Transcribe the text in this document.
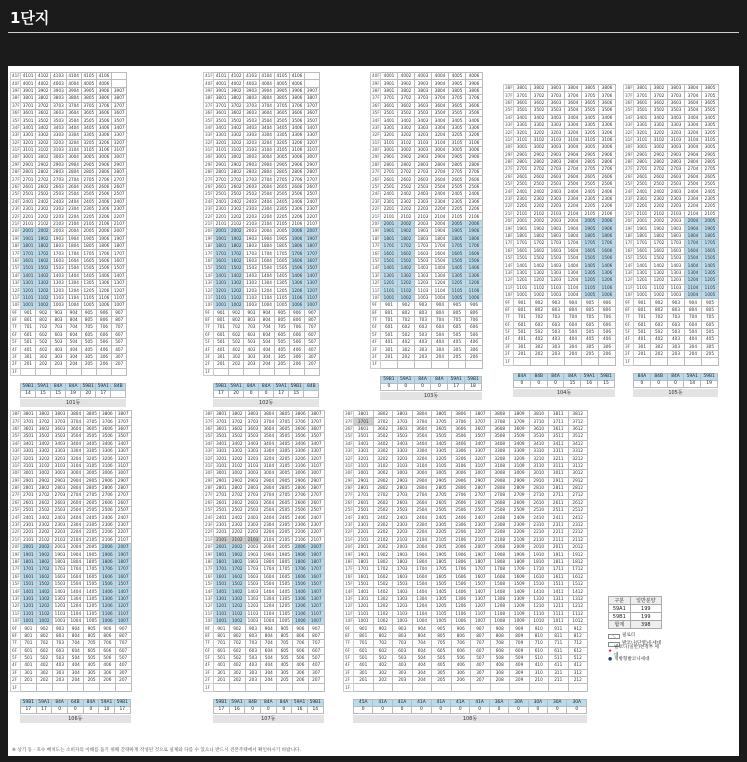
1단지
41F	4101	4102	4103	4104	4105	4106	
40F	4001	4002	4003	4004	4005	4006	
39F	3901	3902	3903	3904	3905	3906	3907
38F	3801	3802	3803	3804	3805	3806	3807
37F	3701	3702	3703	3704	3705	3706	3707
36F	3601	3602	3603	3604	3605	3606	3607
35F	3501	3502	3503	3504	3505	3506	3507
34F	3401	3402	3403	3404	3405	3406	3407
33F	3301	3302	3303	3304	3305	3306	3307
32F	3201	3202	3203	3204	3205	3206	3207
31F	3101	3102	3103	3104	3105	3106	3107
30F	3001	3002	3003	3004	3005	3006	3007
29F	2901	2902	2903	2904	2905	2906	2907
28F	2801	2802	2803	2804	2805	2806	2807
27F	2701	2702	2703	2704	2705	2706	2707
26F	2601	2602	2603	2604	2605	2606	2607
25F	2501	2502	2503	2504	2505	2506	2507
24F	2401	2402	2403	2404	2405	2406	2407
23F	2301	2302	2303	2304	2305	2306	2307
22F	2201	2202	2203	2204	2205	2206	2207
21F	2101	2102	2103	2104	2105	2106	2107
20F	2001	2002	2003	2004	2005	2006	2007
19F	1901	1902	1903	1904	1905	1906	1907
18F	1801	1802	1803	1804	1805	1806	1807
17F	1701	1702	1703	1704	1705	1706	1707
16F	1601	1602	1603	1604	1605	1606	1607
15F	1501	1502	1503	1504	1505	1506	1507
14F	1401	1402	1403	1404	1405	1406	1407
13F	1301	1302	1303	1304	1305	1306	1307
12F	1201	1202	1203	1204	1205	1206	1207
11F	1101	1102	1103	1104	1105	1106	1107
10F	1001	1002	1003	1004	1005	1006	1007
9F	901	902	903	904	905	906	907
8F	801	802	803	804	805	806	807
7F	701	702	703	704	705	706	707
6F	601	602	603	604	605	606	607
5F	501	502	503	504	505	506	507
4F	401	402	403	404	405	406	407
3F	301	302	303	304	305	306	307
2F	201	202	203	204	205	206	207
1F							
59B1	59A1	84A	84A	59B1	59A1	84B
14	15	15	19	20	17	
101동
41F	4101	4102	4103	4104	4105	4106	
40F	4001	4002	4003	4004	4005	4006	
39F	3901	3902	3903	3904	3905	3906	3907
38F	3801	3802	3803	3804	3805	3806	3807
37F	3701	3702	3703	3704	3705	3706	3707
36F	3601	3602	3603	3604	3605	3606	3607
35F	3501	3502	3503	3504	3505	3506	3507
34F	3401	3402	3403	3404	3405	3406	3407
33F	3301	3302	3303	3304	3305	3306	3307
32F	3201	3202	3203	3204	3205	3206	3207
31F	3101	3102	3103	3104	3105	3106	3107
30F	3001	3002	3003	3004	3005	3006	3007
29F	2901	2902	2903	2904	2905	2906	2907
28F	2801	2802	2803	2804	2805	2806	2807
27F	2701	2702	2703	2704	2705	2706	2707
26F	2601	2602	2603	2604	2605	2606	2607
25F	2501	2502	2503	2504	2505	2506	2507
24F	2401	2402	2403	2404	2405	2406	2407
23F	2301	2302	2303	2304	2305	2306	2307
22F	2201	2202	2203	2204	2205	2206	2207
21F	2101	2102	2103	2104	2105	2106	2107
20F	2001	2002	2003	2004	2005	2006	2007
19F	1901	1902	1903	1904	1905	1906	1907
18F	1801	1802	1803	1804	1805	1806	1807
17F	1701	1702	1703	1704	1705	1706	1707
16F	1601	1602	1603	1604	1605	1606	1607
15F	1501	1502	1503	1504	1505	1506	1507
14F	1401	1402	1403	1404	1405	1406	1407
13F	1301	1302	1303	1304	1305	1306	1307
12F	1201	1202	1203	1204	1205	1206	1207
11F	1101	1102	1103	1104	1105	1106	1107
10F	1001	1002	1003	1004	1005	1006	1007
9F	901	902	903	904	905	906	907
8F	801	802	803	804	805	806	807
7F	701	702	703	704	705	706	707
6F	601	602	603	604	605	606	607
5F	501	502	503	504	505	506	507
4F	401	402	403	404	405	406	407
3F	301	302	303	304	305	306	307
2F	201	202	203	204	205	206	207
1F							
59B1	59A1	84A	84A	59A1	59B1	84B
17	20	0	0	17	15	
102동
40F	4001	4002	4003	4004	4005	4006
39F	3901	3902	3903	3904	3905	3906
38F	3801	3802	3803	3804	3805	3806
37F	3701	3702	3703	3704	3705	3706
36F	3601	3602	3603	3604	3605	3606
35F	3501	3502	3503	3504	3505	3506
34F	3401	3402	3403	3404	3405	3406
33F	3301	3302	3303	3304	3305	3306
32F	3201	3202	3203	3204	3205	3206
31F	3101	3102	3103	3104	3105	3106
30F	3001	3002	3003	3004	3005	3006
29F	2901	2902	2903	2904	2905	2906
28F	2801	2802	2803	2804	2805	2806
27F	2701	2702	2703	2704	2705	2706
26F	2601	2602	2603	2604	2605	2606
25F	2501	2502	2503	2504	2505	2506
24F	2401	2402	2403	2404	2405	2406
23F	2301	2302	2303	2304	2305	2306
22F	2201	2202	2203	2204	2205	2206
21F	2101	2102	2103	2104	2105	2106
20F	2001	2002	2003	2004	2005	2006
19F	1901	1902	1903	1904	1905	1906
18F	1801	1802	1803	1804	1805	1806
17F	1701	1702	1703	1704	1705	1706
16F	1601	1602	1603	1604	1605	1606
15F	1501	1502	1503	1504	1505	1506
14F	1401	1402	1403	1404	1405	1406
13F	1301	1302	1303	1304	1305	1306
12F	1201	1202	1203	1204	1205	1206
11F	1101	1102	1103	1104	1105	1106
10F	1001	1002	1003	1004	1005	1006
9F	901	902	903	904	905	906
8F	801	802	803	804	805	806
7F	701	702	703	704	705	706
6F	601	602	603	604	605	606
5F	501	502	503	504	505	506
4F	401	402	403	404	405	406
3F	301	302	303	304	305	306
2F	201	202	203	204	205	206
1F						
59B1	59A1	84A	84A	59A1	59B1
0	0	0	0	17	18
103동
38F	3801	3802	3803	3804	3805	3806
37F	3701	3702	3703	3704	3705	3706
36F	3601	3602	3603	3604	3605	3606
35F	3501	3502	3503	3504	3505	3506
34F	3401	3402	3403	3404	3405	3406
33F	3301	3302	3303	3304	3305	3306
32F	3201	3202	3203	3204	3205	3206
31F	3101	3102	3103	3104	3105	3106
30F	3001	3002	3003	3004	3005	3006
29F	2901	2902	2903	2904	2905	2906
28F	2801	2802	2803	2804	2805	2806
27F	2701	2702	2703	2704	2705	2706
26F	2601	2602	2603	2604	2605	2606
25F	2501	2502	2503	2504	2505	2506
24F	2401	2402	2403	2404	2405	2406
23F	2301	2302	2303	2304	2305	2306
22F	2201	2202	2203	2204	2205	2206
21F	2101	2102	2103	2104	2105	2106
20F	2001	2002	2003	2004	2005	2006
19F	1901	1902	1903	1904	1905	1906
18F	1801	1802	1803	1804	1805	1806
17F	1701	1702	1703	1704	1705	1706
16F	1601	1602	1603	1604	1605	1606
15F	1501	1502	1503	1504	1505	1506
14F	1401	1402	1403	1404	1405	1406
13F	1301	1302	1303	1304	1305	1306
12F	1201	1202	1203	1204	1205	1206
11F	1101	1102	1103	1104	1105	1106
10F	1001	1002	1003	1004	1005	1006
9F	901	902	903	904	905	906
8F	801	802	803	804	805	806
7F	701	702	703	704	705	706
6F	601	602	603	604	605	606
5F	501	502	503	504	505	506
4F	401	402	403	404	405	406
3F	301	302	303	304	305	306
2F	201	202	203	204	205	206
1F						
84A	84B	84A	84A	59A1	59B1
0	0	0	15	16	15
104동
38F	3801	3802	3803	3804	3805
37F	3701	3702	3703	3704	3705
36F	3601	3602	3603	3604	3605
35F	3501	3502	3503	3504	3505
34F	3401	3402	3403	3404	3405
33F	3301	3302	3303	3304	3305
32F	3201	3202	3203	3204	3205
31F	3101	3102	3103	3104	3105
30F	3001	3002	3003	3004	3005
29F	2901	2902	2903	2904	2905
28F	2801	2802	2803	2804	2805
27F	2701	2702	2703	2704	2705
26F	2601	2602	2603	2604	2605
25F	2501	2502	2503	2504	2505
24F	2401	2402	2403	2404	2405
23F	2301	2302	2303	2304	2305
22F	2201	2202	2203	2204	2205
21F	2101	2102	2103	2104	2105
20F	2001	2002	2003	2004	2005
19F	1901	1902	1903	1904	1905
18F	1801	1802	1803	1804	1805
17F	1701	1702	1703	1704	1705
16F	1601	1602	1603	1604	1605
15F	1501	1502	1503	1504	1505
14F	1401	1402	1403	1404	1405
13F	1301	1302	1303	1304	1305
12F	1201	1202	1203	1204	1205
11F	1101	1102	1103	1104	1105
10F	1001	1002	1003	1004	1005
9F	901	902	903	904	905
8F	801	802	803	804	805
7F	701	702	703	704	705
6F	601	602	603	604	605
5F	501	502	503	504	505
4F	401	402	403	404	405
3F	301	302	303	304	305
2F	201	202	203	204	205
1F					
84A	84B	84A	59A1	59B1
0	0	0	14	19
105동
38F	3801	3802	3803	3804	3805	3806	3807
37F	3701	3702	3703	3704	3705	3706	3707
36F	3601	3602	3603	3604	3605	3606	3607
35F	3501	3502	3503	3504	3505	3506	3507
34F	3401	3402	3403	3404	3405	3406	3407
33F	3301	3302	3303	3304	3305	3306	3307
32F	3201	3202	3203	3204	3205	3206	3207
31F	3101	3102	3103	3104	3105	3106	3107
30F	3001	3002	3003	3004	3005	3006	3007
29F	2901	2902	2903	2904	2905	2906	2907
28F	2801	2802	2803	2804	2805	2806	2807
27F	2701	2702	2703	2704	2705	2706	2707
26F	2601	2602	2603	2604	2605	2606	2607
25F	2501	2502	2503	2504	2505	2506	2507
24F	2401	2402	2403	2404	2405	2406	2407
23F	2301	2302	2303	2304	2305	2306	2307
22F	2201	2202	2203	2204	2205	2206	2207
21F	2101	2102	2103	2104	2105	2106	2107
20F	2001	2002	2003	2004	2005	2006	2007
19F	1901	1902	1903	1904	1905	1906	1907
18F	1801	1802	1803	1804	1805	1806	1807
17F	1701	1702	1703	1704	1705	1706	1707
16F	1601	1602	1603	1604	1605	1606	1607
15F	1501	1502	1503	1504	1505	1506	1507
14F	1401	1402	1403	1404	1405	1406	1407
13F	1301	1302	1303	1304	1305	1306	1307
12F	1201	1202	1203	1204	1205	1206	1207
11F	1101	1102	1103	1104	1105	1106	1107
10F	1001	1002	1003	1004	1005	1006	1007
9F	901	902	903	904	905	906	907
8F	801	802	803	804	805	806	807
7F	701	702	703	704	705	706	707
6F	601	602	603	604	605	606	607
5F	501	502	503	504	505	506	507
4F	401	402	403	404	405	406	407
3F	301	302	303	304	305	306	307
2F	201	202	203	204	205	206	207
1F							
59B1	59A1	84A	64B	84A	59A1	59B1
17	17	0	0	0	10	17
106동
38F	3801	3802	3803	3804	3805	3806	3807
37F	3701	3702	3703	3704	3705	3706	3707
36F	3601	3602	3603	3604	3605	3606	3607
35F	3501	3502	3503	3504	3505	3506	3507
34F	3401	3402	3403	3404	3405	3406	3407
33F	3301	3302	3303	3304	3305	3306	3307
32F	3201	3202	3203	3204	3205	3206	3207
31F	3101	3102	3103	3104	3105	3106	3107
30F	3001	3002	3003	3004	3005	3006	3007
29F	2901	2902	2903	2904	2905	2906	2907
28F	2801	2802	2803	2804	2805	2806	2807
27F	2701	2702	2703	2704	2705	2706	2707
26F	2601	2602	2603	2604	2605	2606	2607
25F	2501	2502	2503	2504	2505	2506	2507
24F	2401	2402	2403	2404	2405	2406	2407
23F	2301	2302	2303	2304	2305	2306	2307
22F	2201	2202	2203	2204	2205	2206	2207
21F	2101	2102	2103	2104	2105	2106	2107
20F	2001	2002	2003	2004	2005	2006	2007
19F	1901	1902	1903	1904	1905	1906	1907
18F	1801	1802	1803	1804	1805	1806	1807
17F	1701	1702	1703	1704	1705	1706	1707
16F	1601	1602	1603	1604	1605	1606	1607
15F	1501	1502	1503	1504	1505	1506	1507
14F	1401	1402	1403	1404	1405	1406	1407
13F	1301	1302	1303	1304	1305	1306	1307
12F	1201	1202	1203	1204	1205	1206	1207
11F	1101	1102	1103	1104	1105	1106	1107
10F	1001	1002	1003	1004	1005	1006	1007
9F	901	902	903	904	905	906	907
8F	801	802	803	804	805	806	807
7F	701	702	703	704	705	706	707
6F	601	602	603	604	605	606	607
5F	501	502	503	504	505	506	507
4F	401	402	403	404	405	406	407
3F	301	302	303	304	305	306	307
2F	201	202	203	204	205	206	207
1F							
59B1	59A1	84B	84A	84A	59A1	59B1
17	16	0	0	0	16	14
107동
38F	3801	3802	3803	3804	3805	3806	3807	3808	3809	3810	3811	3812
37F	3701	3702	3703	3704	3705	3706	3707	3708	3709	3710	3711	3712
36F	3601	3602	3603	3604	3605	3606	3607	3608	3609	3610	3611	3612
35F	3501	3502	3503	3504	3505	3506	3507	3508	3509	3510	3511	3512
34F	3401	3402	3403	3404	3405	3406	3407	3408	3409	3410	3411	3412
33F	3301	3302	3303	3304	3305	3306	3307	3308	3309	3310	3311	3312
32F	3201	3202	3203	3204	3205	3206	3207	3208	3209	3210	3211	3212
31F	3101	3102	3103	3104	3105	3106	3107	3108	3109	3110	3111	3112
30F	3001	3002	3003	3004	3005	3006	3007	3008	3009	3010	3011	3012
29F	2901	2902	2903	2904	2905	2906	2907	2908	2909	2910	2911	2912
28F	2801	2802	2803	2804	2805	2806	2807	2808	2809	2810	2811	2812
27F	2701	2702	2703	2704	2705	2706	2707	2708	2709	2710	2711	2712
26F	2601	2602	2603	2604	2605	2606	2607	2608	2609	2610	2611	2612
25F	2501	2502	2503	2504	2505	2506	2507	2508	2509	2510	2511	2512
24F	2401	2402	2403	2404	2405	2406	2407	2408	2409	2410	2411	2412
23F	2301	2302	2303	2304	2305	2306	2307	2308	2309	2310	2311	2312
22F	2201	2202	2203	2204	2205	2206	2207	2208	2209	2210	2211	2212
21F	2101	2102	2103	2104	2105	2106	2107	2108	2109	2110	2111	2112
20F	2001	2002	2003	2004	2005	2006	2007	2008	2009	2010	2011	2012
19F	1901	1902	1903	1904	1905	1906	1907	1908	1909	1910	1911	1912
18F	1801	1802	1803	1804	1805	1806	1807	1808	1809	1810	1811	1812
17F	1701	1702	1703	1704	1705	1706	1707	1708	1709	1710	1711	1712
16F	1601	1602	1603	1604	1605	1606	1607	1608	1609	1610	1611	1612
15F	1501	1502	1503	1504	1505	1506	1507	1508	1509	1510	1511	1512
14F	1401	1402	1403	1404	1405	1406	1407	1408	1409	1410	1411	1412
13F	1301	1302	1303	1304	1305	1306	1307	1308	1309	1310	1311	1312
12F	1201	1202	1203	1204	1205	1206	1207	1208	1209	1210	1211	1212
11F	1101	1102	1103	1104	1105	1106	1107	1108	1109	1110	1111	1112
10F	1001	1002	1003	1004	1005	1006	1007	1008	1009	1010	1011	1012
9F	901	902	903	904	905	906	907	908	909	910	911	912
8F	801	802	803	804	805	806	807	808	809	810	811	812
7F	701	702	703	704	705	706	707	708	709	710	711	712
6F	601	602	603	604	605	606	607	608	609	610	611	612
5F	501	502	503	504	505	506	507	508	509	510	511	512
4F	401	402	403	404	405	406	407	408	409	410	411	412
3F	301	302	303	304	305	306	307	308	309	310	311	312
2F	201	202	203	204	205	206	207	208	209	210	211	212
1F												
45A	41A	41A	41A	41A	41A	41A	36A	30A	30A	30A	30A
0	0	0	0	0	0	0	0	0	0	0	0
108동
구분	일반분양
59A1	199
59B1	199
합계	398
필로티
발코니(단열)유세대
★
발코니(일반)천정부 세대
● 개방형발코니세대
※ 상기 동 · 호수 배치도는 소비자의 이해를 돕기 위해 간략하게 작성된 것으로 실제와 다를 수 있으니 반드시 견본주택에서 확인하시기 바랍니다.
